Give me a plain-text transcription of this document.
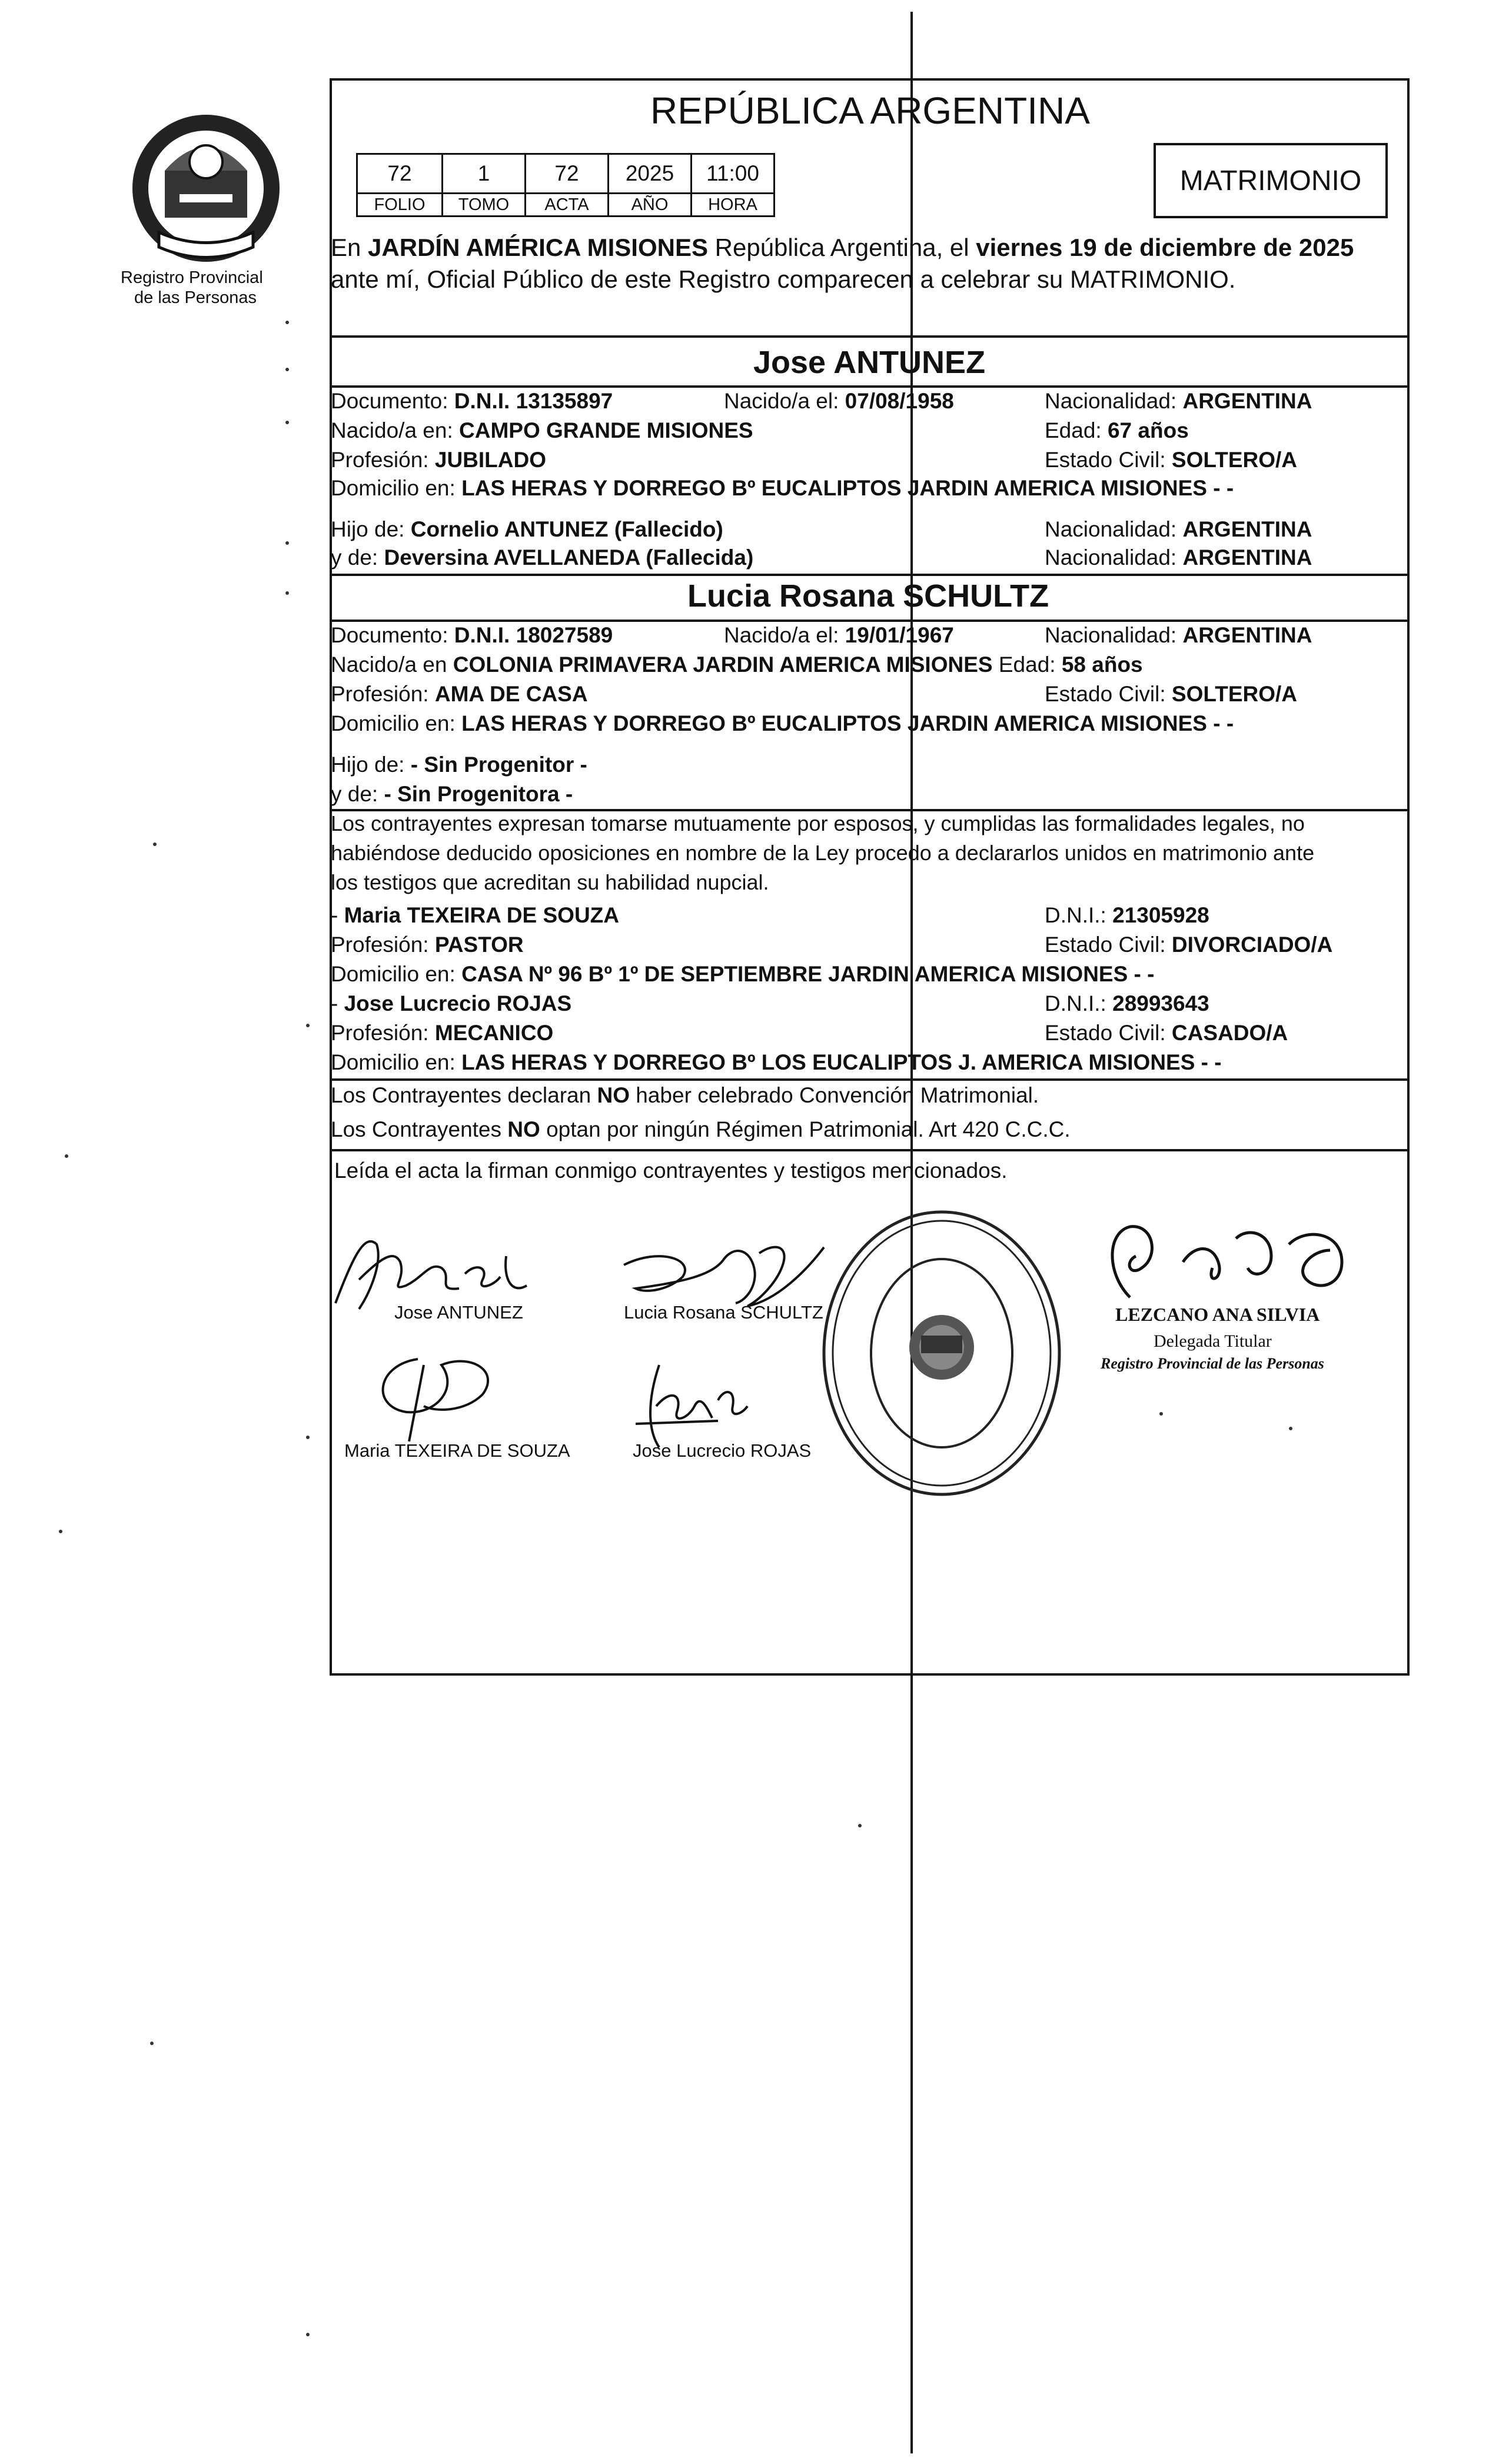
Registro Provincial
de las Personas
REPÚBLICA ARGENTINA
72	1	72	2025	11:00
FOLIO	TOMO	ACTA	AÑO	HORA
MATRIMONIO
En JARDÍN AMÉRICA MISIONES República Argentina, el viernes 19 de diciembre de 2025
ante mí, Oficial Público de este Registro comparecen a celebrar su MATRIMONIO.
Jose ANTUNEZ
Documento: D.N.I. 13135897	Nacido/a el: 07/08/1958	Nacionalidad: ARGENTINA
Nacido/a en: CAMPO GRANDE MISIONES	Edad: 67 años
Profesión: JUBILADO	Estado Civil: SOLTERO/A
Domicilio en: LAS HERAS Y DORREGO Bº EUCALIPTOS JARDIN AMERICA MISIONES - -
Hijo de: Cornelio ANTUNEZ (Fallecido)	Nacionalidad: ARGENTINA
y de: Deversina AVELLANEDA (Fallecida)	Nacionalidad: ARGENTINA
Lucia Rosana SCHULTZ
Documento: D.N.I. 18027589	Nacido/a el: 19/01/1967	Nacionalidad: ARGENTINA
Nacido/a en COLONIA PRIMAVERA JARDIN AMERICA MISIONES Edad: 58 años
Profesión: AMA DE CASA	Estado Civil: SOLTERO/A
Domicilio en: LAS HERAS Y DORREGO Bº EUCALIPTOS JARDIN AMERICA MISIONES - -
Hijo de: - Sin Progenitor -
y de: - Sin Progenitora -
Los contrayentes expresan tomarse mutuamente por esposos, y cumplidas las formalidades legales, no
habiéndose deducido oposiciones en nombre de la Ley procedo a declararlos unidos en matrimonio ante
los testigos que acreditan su habilidad nupcial.
- Maria TEXEIRA DE SOUZA	D.N.I.: 21305928
Profesión: PASTOR	Estado Civil: DIVORCIADO/A
Domicilio en: CASA Nº 96 Bº 1º DE SEPTIEMBRE JARDIN AMERICA MISIONES - -
- Jose Lucrecio ROJAS	D.N.I.: 28993643
Profesión: MECANICO	Estado Civil: CASADO/A
Domicilio en: LAS HERAS Y DORREGO Bº LOS EUCALIPTOS J. AMERICA MISIONES - -
Los Contrayentes declaran NO haber celebrado Convención Matrimonial.
Los Contrayentes NO optan por ningún Régimen Patrimonial. Art 420 C.C.C.
Leída el acta la firman conmigo contrayentes y testigos mencionados.
Jose ANTUNEZ	Lucia Rosana SCHULTZ
Maria TEXEIRA DE SOUZA	Jose Lucrecio ROJAS
LEZCANO ANA SILVIA
Delegada Titular
Registro Provincial de las Personas
